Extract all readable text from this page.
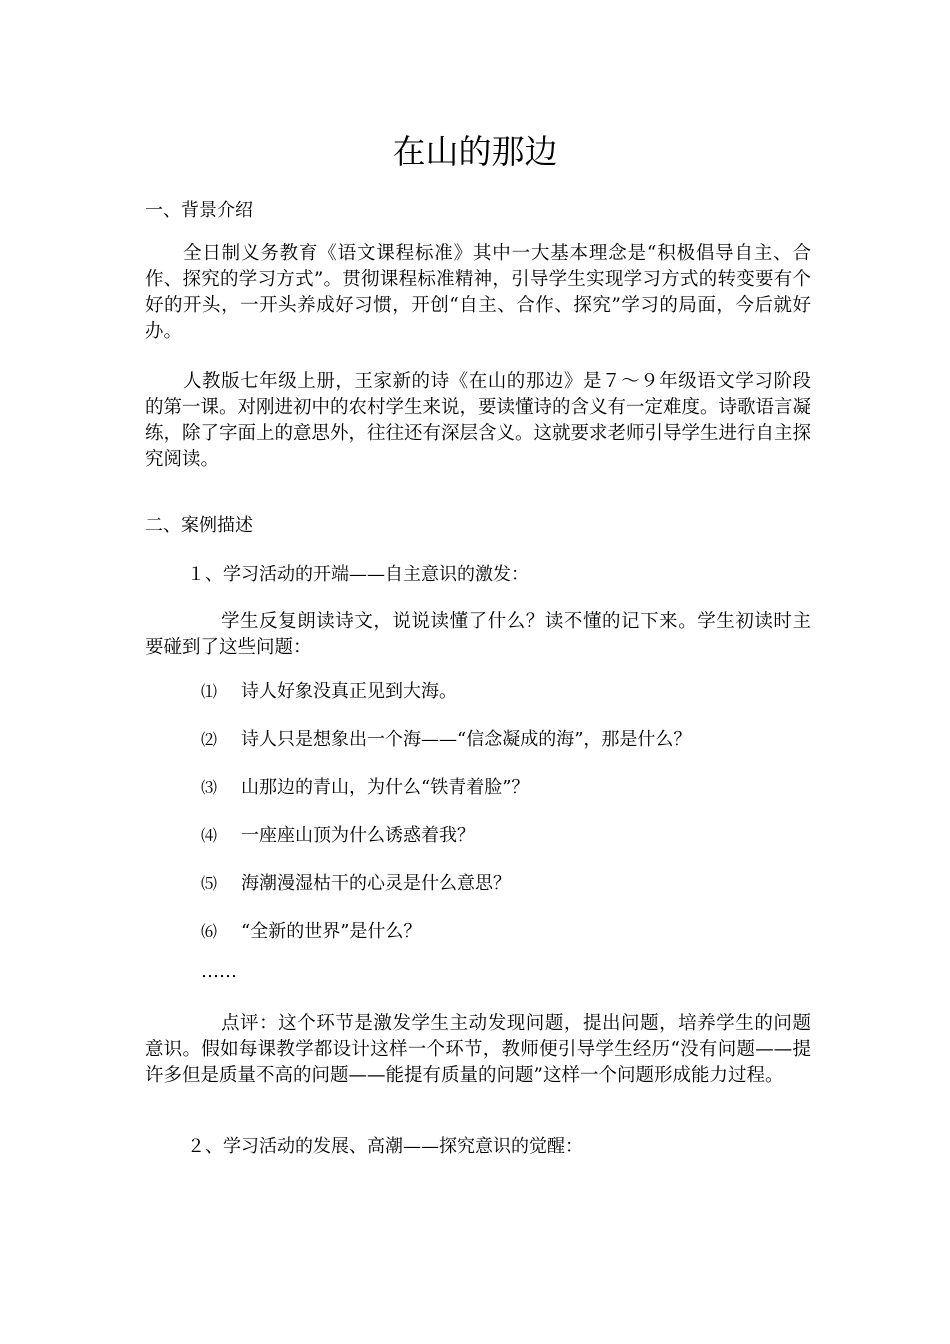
在山的那边
一、背景介绍

全日制义务教育《语文课程标准》其中一大基本理念是“积极倡导自主、合作、探究的学习方式”。贯彻课程标准精神，引导学生实现学习方式的转变要有个好的开头，一开头养成好习惯，开创“自主、合作、探究”学习的局面，今后就好办。

人教版七年级上册，王家新的诗《在山的那边》是７～９年级语文学习阶段的第一课。对刚进初中的农村学生来说，要读懂诗的含义有一定难度。诗歌语言凝练，除了字面上的意思外，往往还有深层含义。这就要求老师引导学生进行自主探究阅读。

二、案例描述
１、学习活动的开端——自主意识的激发：

学生反复朗读诗文，说说读懂了什么？读不懂的记下来。学生初读时主要碰到了这些问题：

⑴ 诗人好象没真正见到大海。
⑵ 诗人只是想象出一个海——“信念凝成的海”，那是什么？
⑶ 山那边的青山，为什么“铁青着脸”？
⑷ 一座座山顶为什么诱惑着我？
⑸ 海潮漫湿枯干的心灵是什么意思？
⑹ “全新的世界”是什么？
……

点评：这个环节是激发学生主动发现问题，提出问题，培养学生的问题意识。假如每课教学都设计这样一个环节，教师便引导学生经历“没有问题——提许多但是质量不高的问题——能提有质量的问题”这样一个问题形成能力过程。

２、学习活动的发展、高潮——探究意识的觉醒：
